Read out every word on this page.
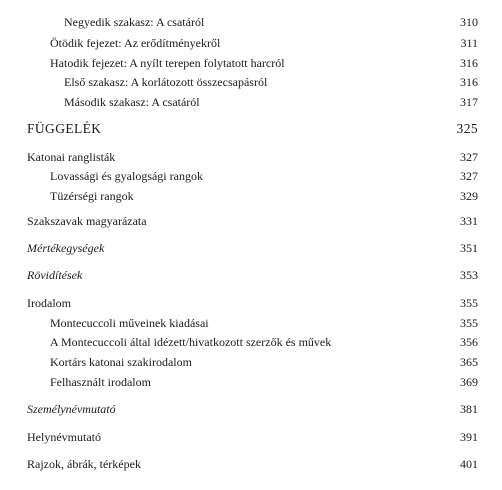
Negyedik szakasz: A csatáról	310
Ötödik fejezet: Az erődítményekről	311
Hatodik fejezet: A nyílt terepen folytatott harcról	316
Első szakasz: A korlátozott összecsapásról	316
Második szakasz: A csatáról	317
FÜGGELÉK	325
Katonai ranglisták	327
Lovassági és gyalogsági rangok	327
Tüzérségi rangok	329
Szakszavak magyarázata	331
Mértékegységek	351
Rövidítések	353
Irodalom	355
Montecuccoli műveinek kiadásai	355
A Montecuccoli által idézett/hivatkozott szerzők és művek	356
Kortárs katonai szakirodalom	365
Felhasznált irodalom	369
Személynévmutató	381
Helynévmutató	391
Rajzok, ábrák, térképek	401
